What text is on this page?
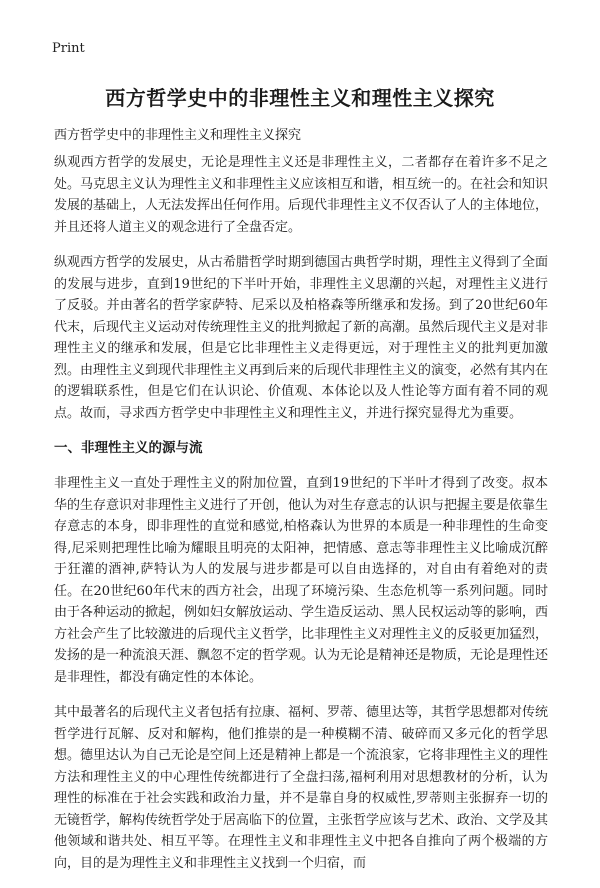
Print
西方哲学史中的非理性主义和理性主义探究

西方哲学史中的非理性主义和理性主义探究

纵观西方哲学的发展史，无论是理性主义还是非理性主义，二者都存在着许多不足之处。马克思主义认为理性主义和非理性主义应该相互和谐，相互统一的。在社会和知识发展的基础上，人无法发挥出任何作用。后现代非理性主义不仅否认了人的主体地位，并且还将人道主义的观念进行了全盘否定。

纵观西方哲学的发展史，从古希腊哲学时期到德国古典哲学时期，理性主义得到了全面的发展与进步，直到19世纪的下半叶开始，非理性主义思潮的兴起，对理性主义进行了反驳。并由著名的哲学家萨特、尼采以及柏格森等所继承和发扬。到了20世纪60年代末，后现代主义运动对传统理性主义的批判掀起了新的高潮。虽然后现代主义是对非理性主义的继承和发展，但是它比非理性主义走得更远，对于理性主义的批判更加激烈。由理性主义到现代非理性主义再到后来的后现代非理性主义的演变，必然有其内在的逻辑联系性，但是它们在认识论、价值观、本体论以及人性论等方面有着不同的观点。故而，寻求西方哲学史中非理性主义和理性主义，并进行探究显得尤为重要。

一、非理性主义的源与流

非理性主义一直处于理性主义的附加位置，直到19世纪的下半叶才得到了改变。叔本华的生存意识对非理性主义进行了开创，他认为对生存意志的认识与把握主要是依靠生存意志的本身，即非理性的直觉和感觉,柏格森认为世界的本质是一种非理性的生命变得,尼采则把理性比喻为耀眼且明亮的太阳神，把情感、意志等非理性主义比喻成沉醉于狂灌的酒神,萨特认为人的发展与进步都是可以自由选择的，对自由有着绝对的责任。在20世纪60年代末的西方社会，出现了环境污染、生态危机等一系列问题。同时由于各种运动的掀起，例如妇女解放运动、学生造反运动、黑人民权运动等的影响，西方社会产生了比较激进的后现代主义哲学，比非理性主义对理性主义的反驳更加猛烈，发扬的是一种流浪天涯、飘忽不定的哲学观。认为无论是精神还是物质，无论是理性还是非理性，都没有确定性的本体论。

其中最著名的后现代主义者包括有拉康、福柯、罗蒂、德里达等，其哲学思想都对传统哲学进行瓦解、反对和解构，他们推崇的是一种模糊不清、破碎而又多元化的哲学思想。德里达认为自己无论是空间上还是精神上都是一个流浪家，它将非理性主义的理性方法和理性主义的中心理性传统都进行了全盘扫荡,福柯利用对思想教材的分析，认为理性的标准在于社会实践和政治力量，并不是靠自身的权威性,罗蒂则主张摒弃一切的无镜哲学，解构传统哲学处于居高临下的位置，主张哲学应该与艺术、政治、文学及其他领域和谐共处、相互平等。在理性主义和非理性主义中把各自推向了两个极端的方向，目的是为理性主义和非理性主义找到一个归宿，而
